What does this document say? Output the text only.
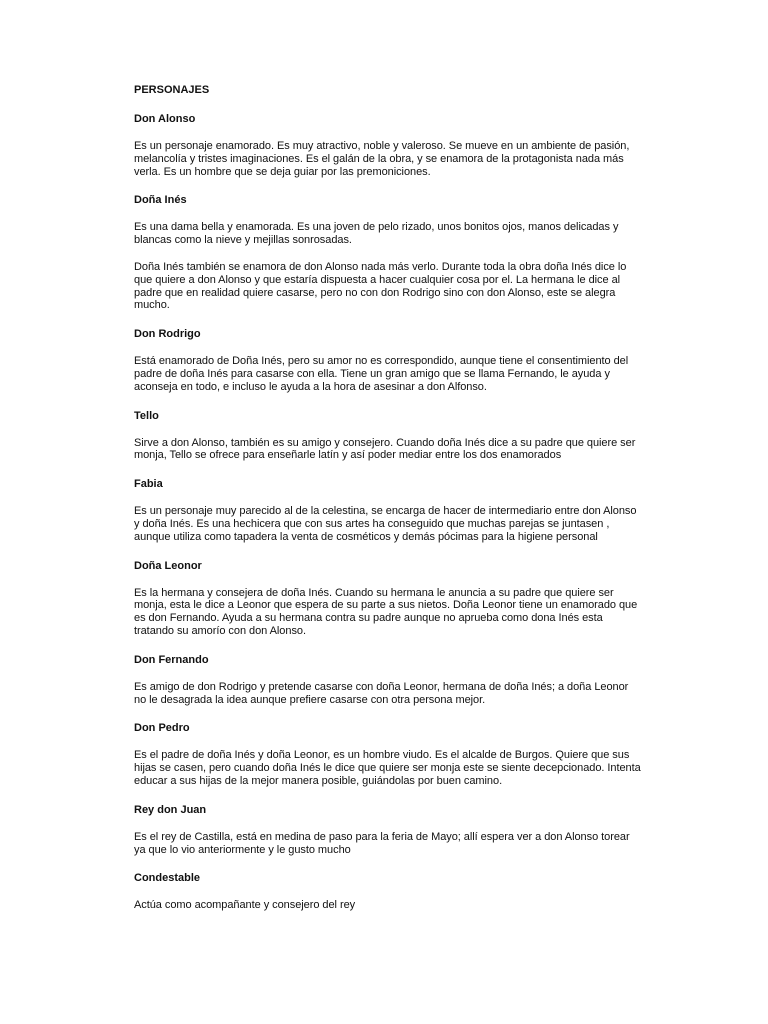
PERSONAJES
Don Alonso

Es un personaje enamorado. Es muy atractivo, noble y valeroso. Se mueve en un ambiente de pasión, melancolía y tristes imaginaciones. Es el galán de la obra, y se enamora de la protagonista nada más verla. Es un hombre que se deja guiar por las premoniciones.

Doña Inés

Es una dama bella y enamorada. Es una joven de pelo rizado, unos bonitos ojos, manos delicadas y blancas como la nieve y mejillas sonrosadas.

Doña Inés también se enamora de don Alonso nada más verlo. Durante toda la obra doña Inés dice lo que quiere a don Alonso y que estaría dispuesta a hacer cualquier cosa por el. La hermana le dice al padre que en realidad quiere casarse, pero no con don Rodrigo sino con don Alonso, este se alegra mucho.

Don Rodrigo

Está enamorado de Doña Inés, pero su amor no es correspondido, aunque tiene el consentimiento del padre de doña Inés para casarse con ella. Tiene un gran amigo que se llama Fernando, le ayuda y aconseja en todo, e incluso le ayuda a la hora de asesinar a don Alfonso.

Tello

Sirve a don Alonso, también es su amigo y consejero. Cuando doña Inés dice a su padre que quiere ser monja, Tello se ofrece para enseñarle latín y así poder mediar entre los dos enamorados

Fabia

Es un personaje muy parecido al de la celestina, se encarga de hacer de intermediario entre don Alonso y doña Inés. Es una hechicera que con sus artes ha conseguido que muchas parejas se juntasen , aunque utiliza como tapadera la venta de cosméticos y demás pócimas para la higiene personal

Doña Leonor

Es la hermana y consejera de doña Inés. Cuando su hermana le anuncia a su padre que quiere ser monja, esta le dice a Leonor que espera de su parte a sus nietos. Doña Leonor tiene un enamorado que es don Fernando. Ayuda a su hermana contra su padre aunque no aprueba como dona Inés esta tratando su amorío con don Alonso.

Don Fernando

Es amigo de don Rodrigo y pretende casarse con doña Leonor, hermana de doña Inés; a doña Leonor no le desagrada la idea aunque prefiere casarse con otra persona mejor.

Don Pedro

Es el padre de doña Inés y doña Leonor, es un hombre viudo. Es el alcalde de Burgos. Quiere que sus hijas se casen, pero cuando doña Inés le dice que quiere ser monja este se siente decepcionado. Intenta educar a sus hijas de la mejor manera posible, guiándolas por buen camino.

Rey don Juan

Es el rey de Castilla, está en medina de paso para la feria de Mayo; allí espera ver a don Alonso torear ya que lo vio anteriormente y le gusto mucho

Condestable

Actúa como acompañante y consejero del rey
